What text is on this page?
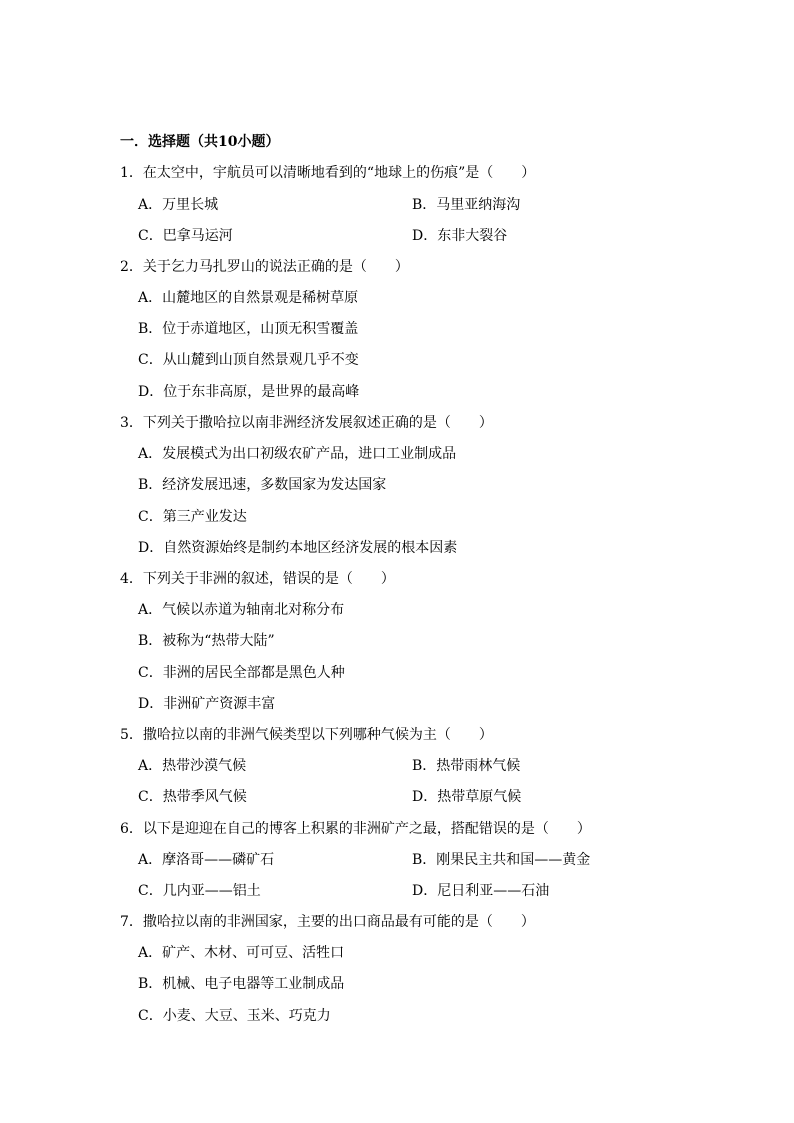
一．选择题（共10小题）
1．在太空中，宇航员可以清晰地看到的“地球上的伤痕”是（　　）
A．万里长城	B．马里亚纳海沟
C．巴拿马运河	D．东非大裂谷
2．关于乞力马扎罗山的说法正确的是（　　）
A．山麓地区的自然景观是稀树草原
B．位于赤道地区，山顶无积雪覆盖
C．从山麓到山顶自然景观几乎不变
D．位于东非高原，是世界的最高峰
3．下列关于撒哈拉以南非洲经济发展叙述正确的是（　　）
A．发展模式为出口初级农矿产品，进口工业制成品
B．经济发展迅速，多数国家为发达国家
C．第三产业发达
D．自然资源始终是制约本地区经济发展的根本因素
4．下列关于非洲的叙述，错误的是（　　）
A．气候以赤道为轴南北对称分布
B．被称为“热带大陆”
C．非洲的居民全部都是黑色人种
D．非洲矿产资源丰富
5．撒哈拉以南的非洲气候类型以下列哪种气候为主（　　）
A．热带沙漠气候	B．热带雨林气候
C．热带季风气候	D．热带草原气候
6．以下是迎迎在自己的博客上积累的非洲矿产之最，搭配错误的是（　　）
A．摩洛哥——磷矿石	B．刚果民主共和国——黄金
C．几内亚——铝土	D．尼日利亚——石油
7．撒哈拉以南的非洲国家，主要的出口商品最有可能的是（　　）
A．矿产、木材、可可豆、活牲口
B．机械、电子电器等工业制成品
C．小麦、大豆、玉米、巧克力
